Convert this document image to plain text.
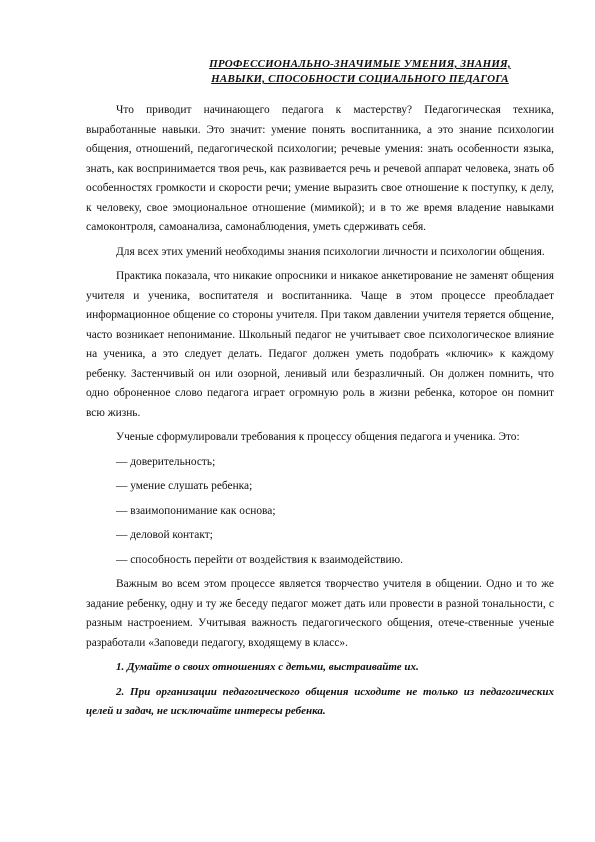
ПРОФЕССИОНАЛЬНО-ЗНАЧИМЫЕ УМЕНИЯ, ЗНАНИЯ,
НАВЫКИ, СПОСОБНОСТИ СОЦИАЛЬНОГО ПЕДАГОГА

Что приводит начинающего педагога к мастерству? Педагогическая техника, выработанные навыки. Это значит: умение понять воспитанника, а это знание психологии общения, отношений, педагогической психологии; речевые умения: знать особенности языка, знать, как воспринимается твоя речь, как развивается речь и речевой аппарат человека, знать об особенностях громкости и скорости речи; умение выразить свое отношение к поступку, к делу, к человеку, свое эмоциональное отношение (мимикой); и в то же время владение навыками самоконтроля, самоанализа, самонаблюдения, уметь сдерживать себя.

Для всех этих умений необходимы знания психологии личности и психологии общения.

Практика показала, что никакие опросники и никакое анкетирование не заменят общения учителя и ученика, воспитателя и воспитанника. Чаще в этом процессе преобладает информационное общение со стороны учителя. При таком давлении учителя теряется общение, часто возникает непонимание. Школьный педагог не учитывает свое психологическое влияние на ученика, а это следует делать. Педагог должен уметь подобрать «ключик» к каждому ребенку. Застенчивый он или озорной, ленивый или безразличный. Он должен помнить, что одно оброненное слово педагога играет огромную роль в жизни ребенка, которое он помнит всю жизнь.

Ученые сформулировали требования к процессу общения педагога и ученика. Это:

— доверительность;

— умение слушать ребенка;

— взаимопонимание как основа;

— деловой контакт;

— способность перейти от воздействия к взаимодействию.

Важным во всем этом процессе является творчество учителя в общении. Одно и то же задание ребенку, одну и ту же беседу педагог может дать или провести в разной тональности, с разным настроением. Учитывая важность педагогического общения, отече-ственные ученые разработали «Заповеди педагогу, входящему в класс».

1. Думайте о своих отношениях с детьми, выстраивайте их.

2. При организации педагогического общения исходите не только из педагогических целей и задач, не исключайте интересы ребенка.
